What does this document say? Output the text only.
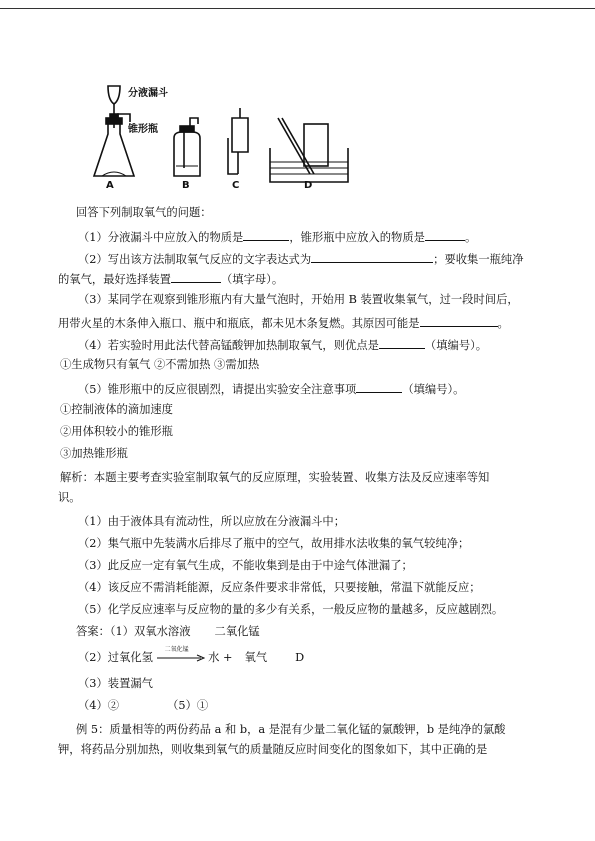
分液漏斗
锥形瓶
A	B	C	D
回答下列制取氧气的问题：
（1）分液漏斗中应放入的物质是	，锥形瓶中应放入的物质是	。
（2）写出该方法制取氧气反应的文字表达式为	；要收集一瓶纯净
的氧气，最好选择装置	（填字母）。
（3）某同学在观察到锥形瓶内有大量气泡时，开始用 B 装置收集氧气，过一段时间后，
用带火星的木条伸入瓶口、瓶中和瓶底，都未见木条复燃。其原因可能是	。
（4）若实验时用此法代替高锰酸钾加热制取氧气，则优点是	（填编号）。
①生成物只有氧气 ②不需加热 ③需加热
（5）锥形瓶中的反应很剧烈，请提出实验安全注意事项	（填编号）。
①控制液体的滴加速度
②用体积较小的锥形瓶
③加热锥形瓶
解析：本题主要考查实验室制取氧气的反应原理，实验装置、收集方法及反应速率等知
识。
（1）由于液体具有流动性，所以应放在分液漏斗中；
（2）集气瓶中先装满水后排尽了瓶中的空气，故用排水法收集的氧气较纯净；
（3）此反应一定有氧气生成，不能收集到是由于中途气体泄漏了；
（4）该反应不需消耗能源，反应条件要求非常低，只要接触，常温下就能反应；
（5）化学反应速率与反应物的量的多少有关系，一般反应物的量越多，反应越剧烈。
答案：（1）双氧水溶液 二氧化锰
（2）过氧化氢
二氧化锰
水 + 氧气 D
（3）装置漏气
（4）②	（5）①
例 5：质量相等的两份药品 a 和 b，a 是混有少量二氧化锰的氯酸钾，b 是纯净的氯酸
钾，将药品分别加热，则收集到氧气的质量随反应时间变化的图象如下，其中正确的是
